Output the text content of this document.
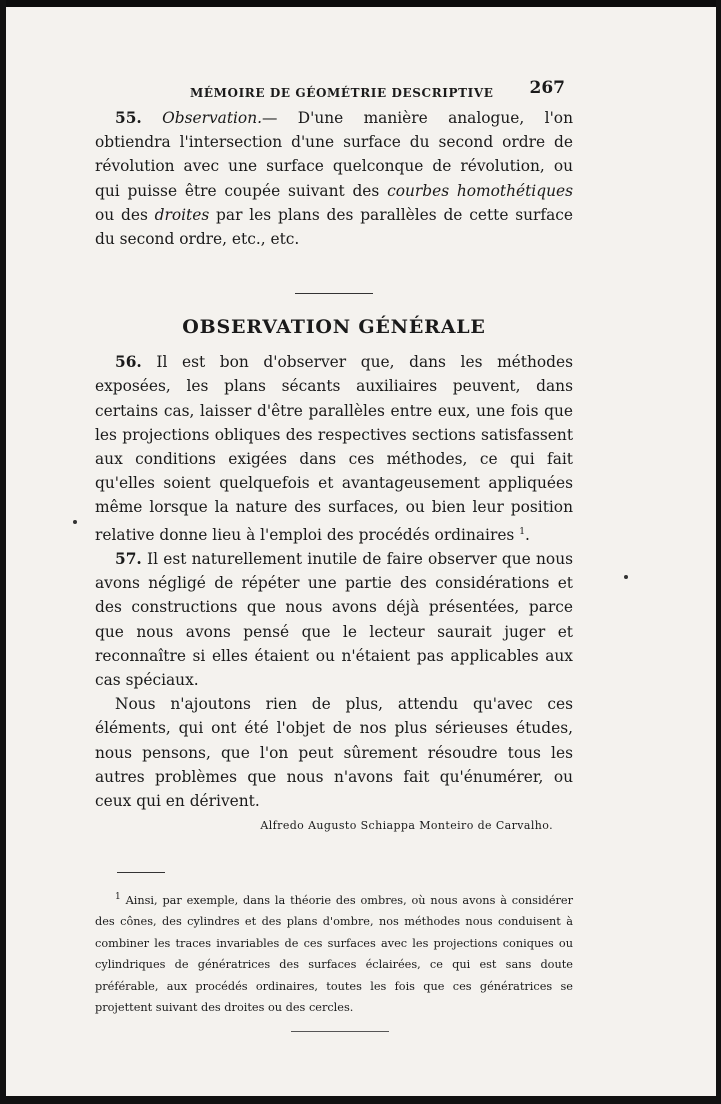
MÉMOIRE DE GÉOMÉTRIE DESCRIPTIVE 267

55. Observation.— D'une manière analogue, l'on obtiendra l'intersection d'une surface du second ordre de révolution avec une surface quelconque de révolution, ou qui puisse être coupée suivant des courbes homothétiques ou des droites par les plans des parallèles de cette surface du second ordre, etc., etc.

OBSERVATION GÉNÉRALE

56. Il est bon d'observer que, dans les méthodes exposées, les plans sécants auxiliaires peuvent, dans certains cas, laisser d'être parallèles entre eux, une fois que les projections obliques des respectives sections satisfassent aux conditions exigées dans ces méthodes, ce qui fait qu'elles soient quelquefois et avantageusement appliquées même lorsque la nature des surfaces, ou bien leur position relative donne lieu à l'emploi des procédés ordinaires $^1$.

57. Il est naturellement inutile de faire observer que nous avons négligé de répéter une partie des considérations et des constructions que nous avons déjà présentées, parce que nous avons pensé que le lecteur saurait juger et reconnaître si elles étaient ou n'étaient pas applicables aux cas spéciaux.

Nous n'ajoutons rien de plus, attendu qu'avec ces éléments, qui ont été l'objet de nos plus sérieuses études, nous pensons, que l'on peut sûrement résoudre tous les autres problèmes que nous n'avons fait qu'énumérer, ou ceux qui en dérivent.

Alfredo Augusto Schiappa Monteiro de Carvalho.

$^1$ Ainsi, par exemple, dans la théorie des ombres, où nous avons à considérer des cônes, des cylindres et des plans d'ombre, nos méthodes nous conduisent à combiner les traces invariables de ces surfaces avec les projections coniques ou cylindriques de génératrices des surfaces éclairées, ce qui est sans doute préférable, aux procédés ordinaires, toutes les fois que ces génératrices se projettent suivant des droites ou des cercles.
